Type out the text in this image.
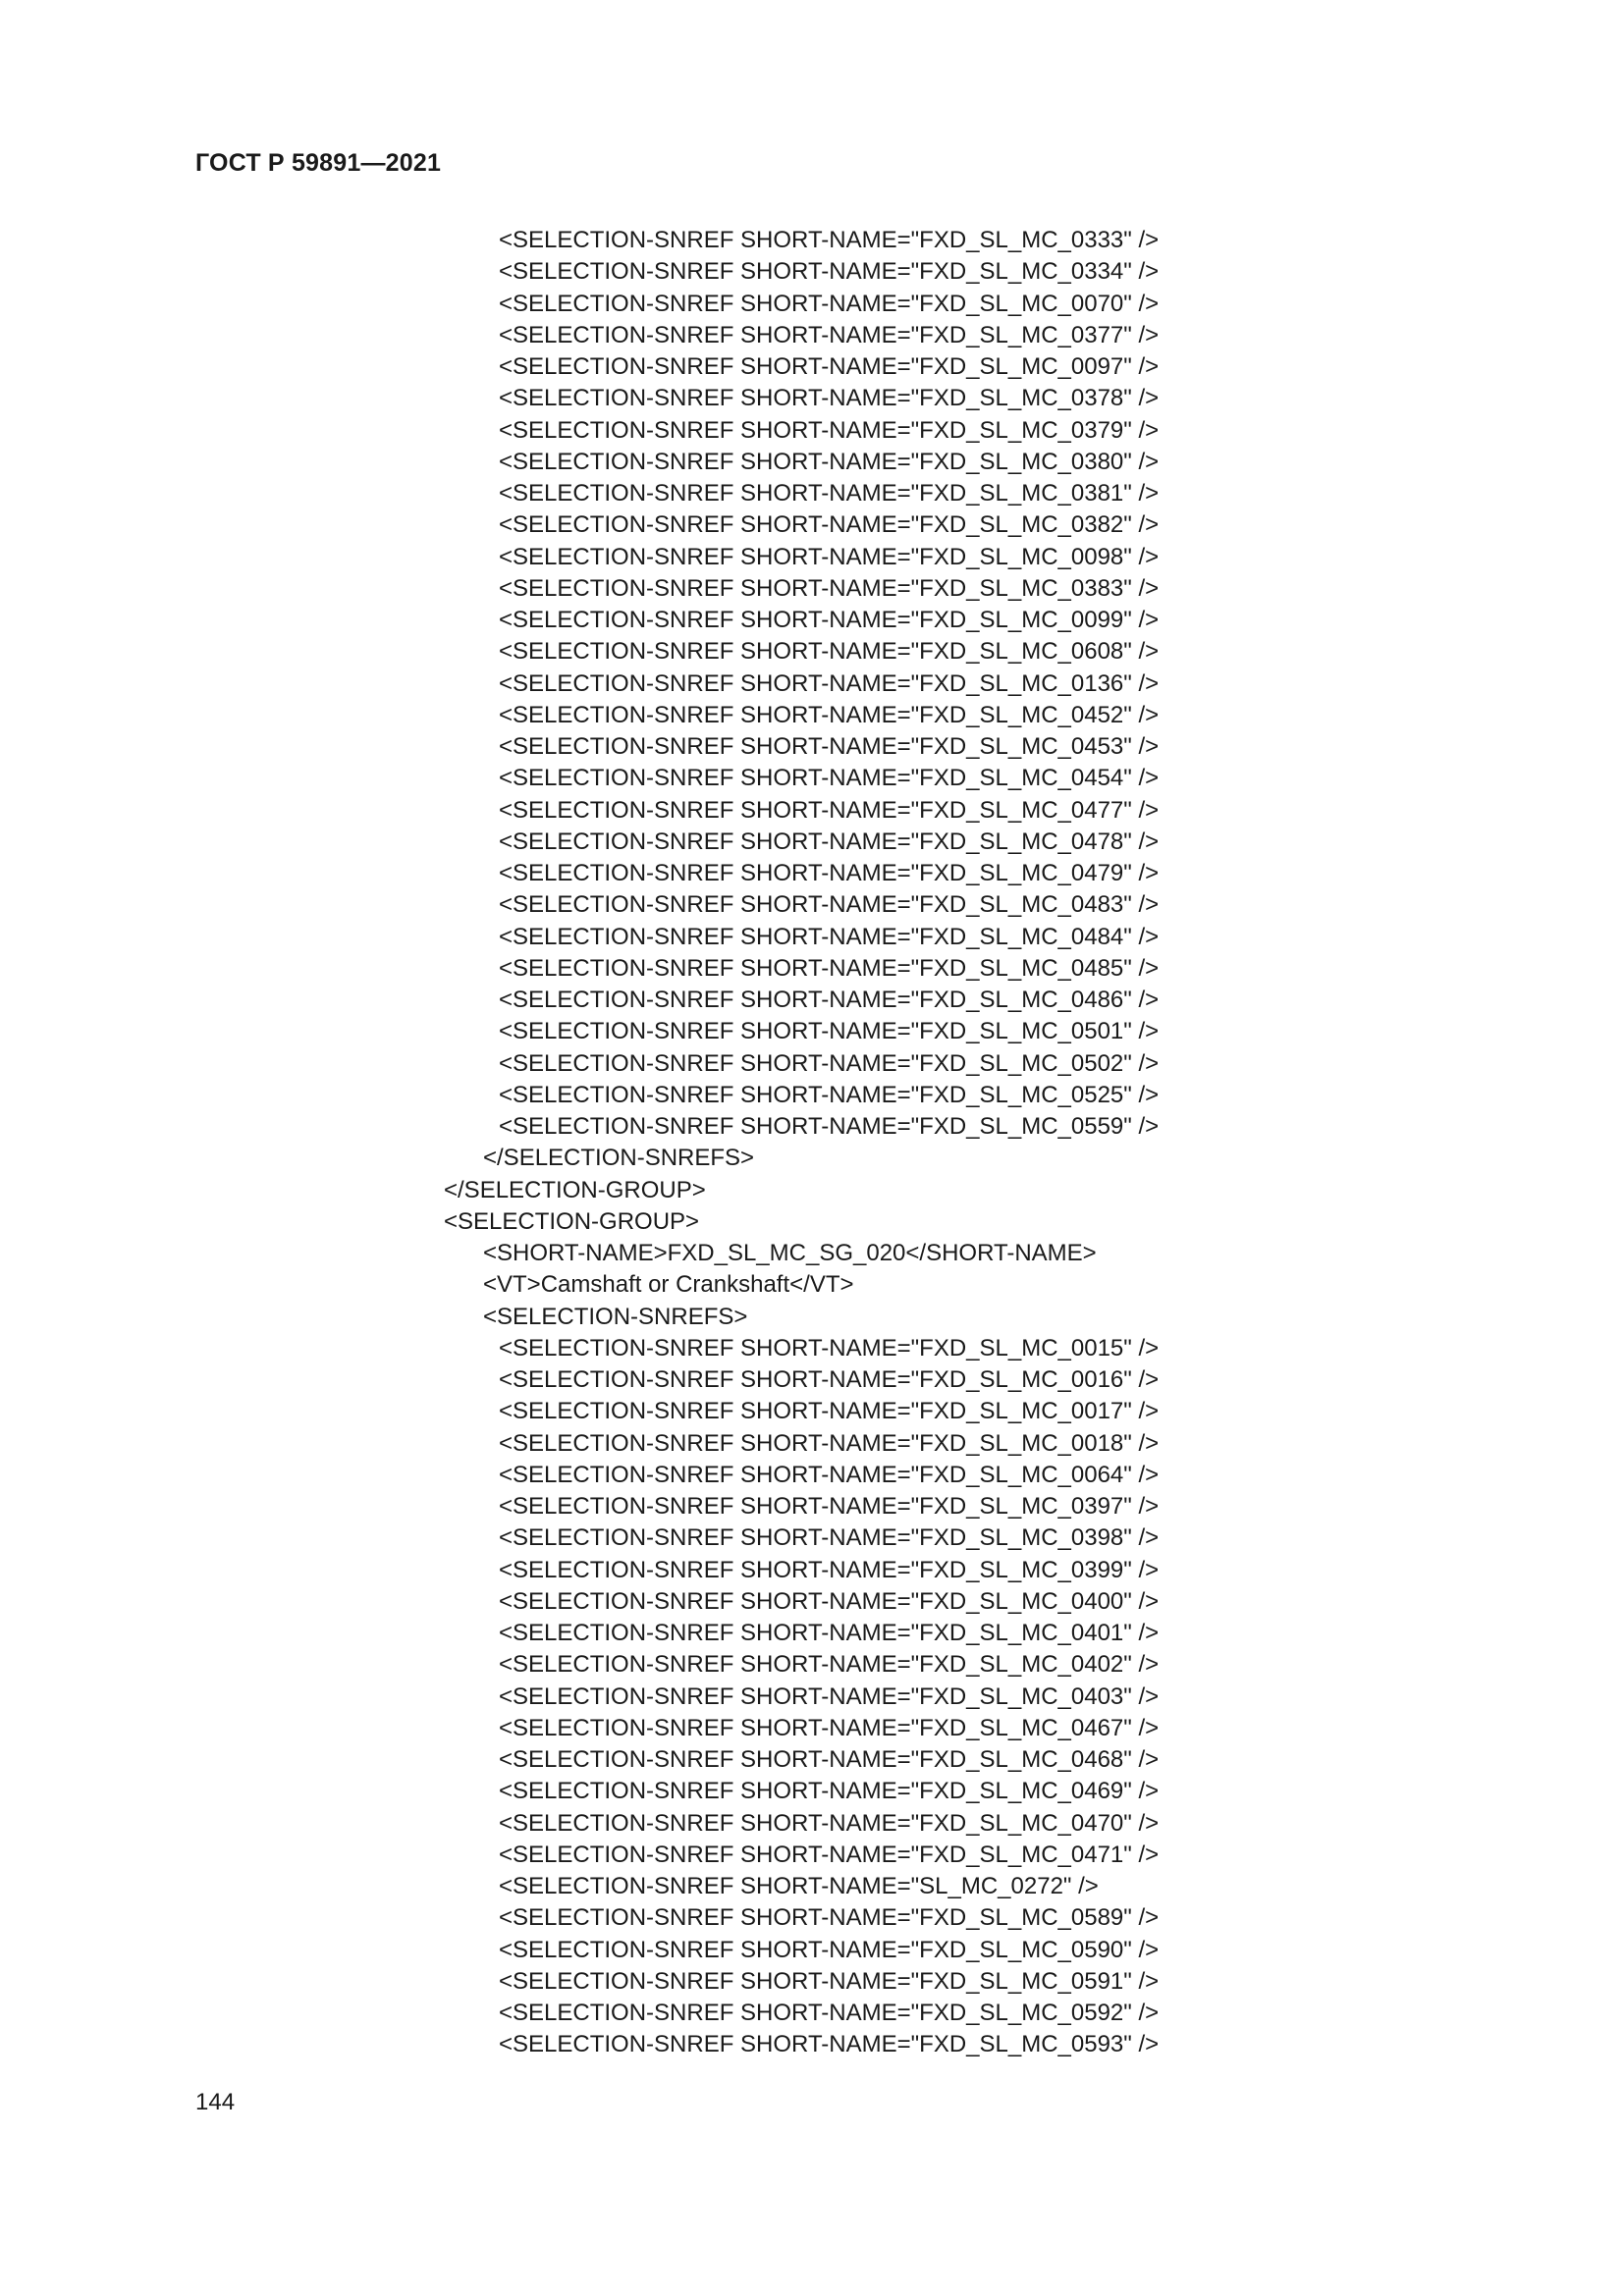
ГОСТ Р 59891—2021
<SELECTION-SNREF SHORT-NAME="FXD_SL_MC_0333" />
<SELECTION-SNREF SHORT-NAME="FXD_SL_MC_0334" />
<SELECTION-SNREF SHORT-NAME="FXD_SL_MC_0070" />
<SELECTION-SNREF SHORT-NAME="FXD_SL_MC_0377" />
<SELECTION-SNREF SHORT-NAME="FXD_SL_MC_0097" />
<SELECTION-SNREF SHORT-NAME="FXD_SL_MC_0378" />
<SELECTION-SNREF SHORT-NAME="FXD_SL_MC_0379" />
<SELECTION-SNREF SHORT-NAME="FXD_SL_MC_0380" />
<SELECTION-SNREF SHORT-NAME="FXD_SL_MC_0381" />
<SELECTION-SNREF SHORT-NAME="FXD_SL_MC_0382" />
<SELECTION-SNREF SHORT-NAME="FXD_SL_MC_0098" />
<SELECTION-SNREF SHORT-NAME="FXD_SL_MC_0383" />
<SELECTION-SNREF SHORT-NAME="FXD_SL_MC_0099" />
<SELECTION-SNREF SHORT-NAME="FXD_SL_MC_0608" />
<SELECTION-SNREF SHORT-NAME="FXD_SL_MC_0136" />
<SELECTION-SNREF SHORT-NAME="FXD_SL_MC_0452" />
<SELECTION-SNREF SHORT-NAME="FXD_SL_MC_0453" />
<SELECTION-SNREF SHORT-NAME="FXD_SL_MC_0454" />
<SELECTION-SNREF SHORT-NAME="FXD_SL_MC_0477" />
<SELECTION-SNREF SHORT-NAME="FXD_SL_MC_0478" />
<SELECTION-SNREF SHORT-NAME="FXD_SL_MC_0479" />
<SELECTION-SNREF SHORT-NAME="FXD_SL_MC_0483" />
<SELECTION-SNREF SHORT-NAME="FXD_SL_MC_0484" />
<SELECTION-SNREF SHORT-NAME="FXD_SL_MC_0485" />
<SELECTION-SNREF SHORT-NAME="FXD_SL_MC_0486" />
<SELECTION-SNREF SHORT-NAME="FXD_SL_MC_0501" />
<SELECTION-SNREF SHORT-NAME="FXD_SL_MC_0502" />
<SELECTION-SNREF SHORT-NAME="FXD_SL_MC_0525" />
<SELECTION-SNREF SHORT-NAME="FXD_SL_MC_0559" />
</SELECTION-SNREFS>
</SELECTION-GROUP>
<SELECTION-GROUP>
<SHORT-NAME>FXD_SL_MC_SG_020</SHORT-NAME>
<VT>Camshaft or Crankshaft</VT>
<SELECTION-SNREFS>
<SELECTION-SNREF SHORT-NAME="FXD_SL_MC_0015" />
<SELECTION-SNREF SHORT-NAME="FXD_SL_MC_0016" />
<SELECTION-SNREF SHORT-NAME="FXD_SL_MC_0017" />
<SELECTION-SNREF SHORT-NAME="FXD_SL_MC_0018" />
<SELECTION-SNREF SHORT-NAME="FXD_SL_MC_0064" />
<SELECTION-SNREF SHORT-NAME="FXD_SL_MC_0397" />
<SELECTION-SNREF SHORT-NAME="FXD_SL_MC_0398" />
<SELECTION-SNREF SHORT-NAME="FXD_SL_MC_0399" />
<SELECTION-SNREF SHORT-NAME="FXD_SL_MC_0400" />
<SELECTION-SNREF SHORT-NAME="FXD_SL_MC_0401" />
<SELECTION-SNREF SHORT-NAME="FXD_SL_MC_0402" />
<SELECTION-SNREF SHORT-NAME="FXD_SL_MC_0403" />
<SELECTION-SNREF SHORT-NAME="FXD_SL_MC_0467" />
<SELECTION-SNREF SHORT-NAME="FXD_SL_MC_0468" />
<SELECTION-SNREF SHORT-NAME="FXD_SL_MC_0469" />
<SELECTION-SNREF SHORT-NAME="FXD_SL_MC_0470" />
<SELECTION-SNREF SHORT-NAME="FXD_SL_MC_0471" />
<SELECTION-SNREF SHORT-NAME="SL_MC_0272" />
<SELECTION-SNREF SHORT-NAME="FXD_SL_MC_0589" />
<SELECTION-SNREF SHORT-NAME="FXD_SL_MC_0590" />
<SELECTION-SNREF SHORT-NAME="FXD_SL_MC_0591" />
<SELECTION-SNREF SHORT-NAME="FXD_SL_MC_0592" />
<SELECTION-SNREF SHORT-NAME="FXD_SL_MC_0593" />
144
